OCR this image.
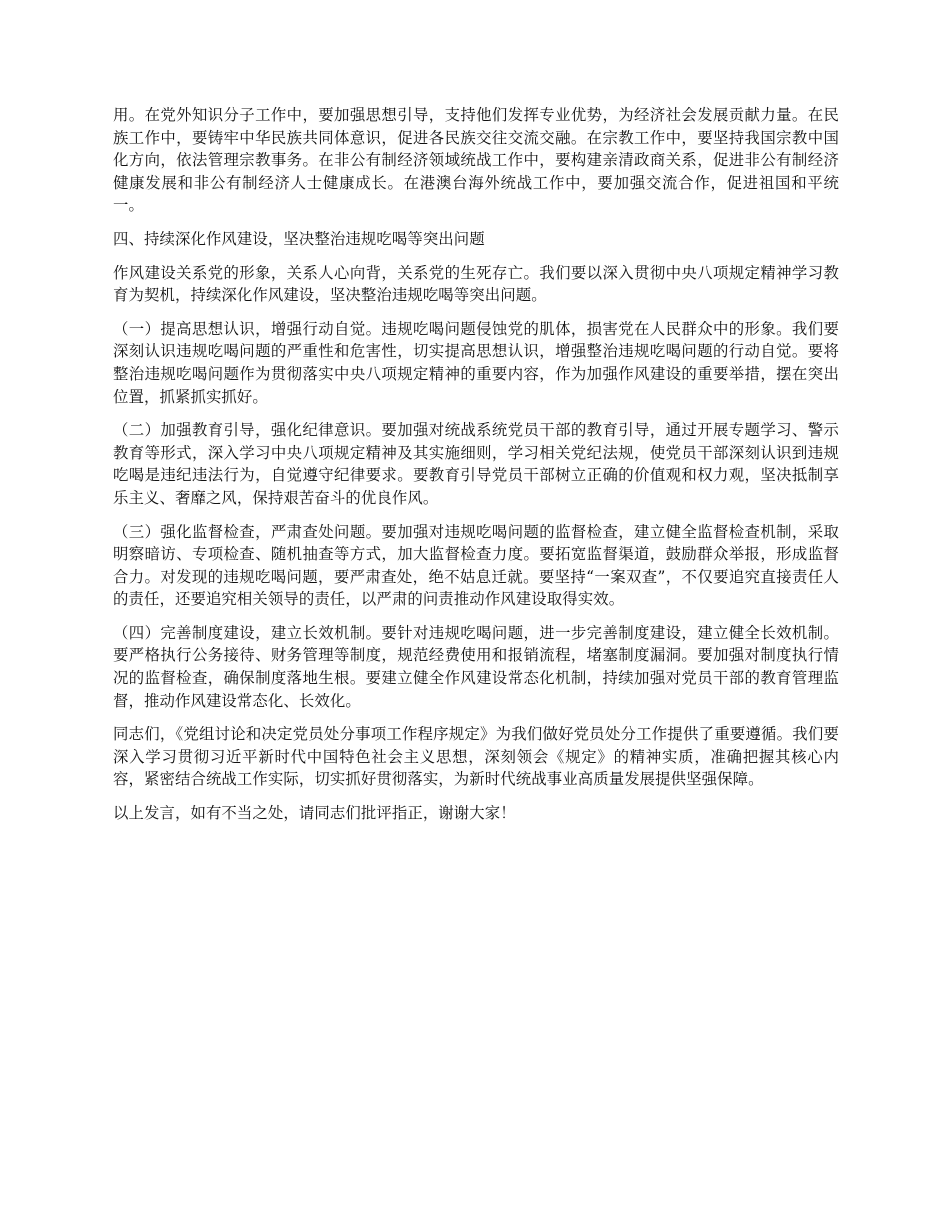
用。在党外知识分子工作中，要加强思想引导，支持他们发挥专业优势，为经济社会发展贡献力量。在民族工作中，要铸牢中华民族共同体意识，促进各民族交往交流交融。在宗教工作中，要坚持我国宗教中国化方向，依法管理宗教事务。在非公有制经济领域统战工作中，要构建亲清政商关系，促进非公有制经济健康发展和非公有制经济人士健康成长。在港澳台海外统战工作中，要加强交流合作，促进祖国和平统一。

四、持续深化作风建设，坚决整治违规吃喝等突出问题

作风建设关系党的形象，关系人心向背，关系党的生死存亡。我们要以深入贯彻中央八项规定精神学习教育为契机，持续深化作风建设，坚决整治违规吃喝等突出问题。

（一）提高思想认识，增强行动自觉。违规吃喝问题侵蚀党的肌体，损害党在人民群众中的形象。我们要深刻认识违规吃喝问题的严重性和危害性，切实提高思想认识，增强整治违规吃喝问题的行动自觉。要将整治违规吃喝问题作为贯彻落实中央八项规定精神的重要内容，作为加强作风建设的重要举措，摆在突出位置，抓紧抓实抓好。

（二）加强教育引导，强化纪律意识。要加强对统战系统党员干部的教育引导，通过开展专题学习、警示教育等形式，深入学习中央八项规定精神及其实施细则，学习相关党纪法规，使党员干部深刻认识到违规吃喝是违纪违法行为，自觉遵守纪律要求。要教育引导党员干部树立正确的价值观和权力观，坚决抵制享乐主义、奢靡之风，保持艰苦奋斗的优良作风。

（三）强化监督检查，严肃查处问题。要加强对违规吃喝问题的监督检查，建立健全监督检查机制，采取明察暗访、专项检查、随机抽查等方式，加大监督检查力度。要拓宽监督渠道，鼓励群众举报，形成监督合力。对发现的违规吃喝问题，要严肃查处，绝不姑息迁就。要坚持“一案双查”，不仅要追究直接责任人的责任，还要追究相关领导的责任，以严肃的问责推动作风建设取得实效。

（四）完善制度建设，建立长效机制。要针对违规吃喝问题，进一步完善制度建设，建立健全长效机制。要严格执行公务接待、财务管理等制度，规范经费使用和报销流程，堵塞制度漏洞。要加强对制度执行情况的监督检查，确保制度落地生根。要建立健全作风建设常态化机制，持续加强对党员干部的教育管理监督，推动作风建设常态化、长效化。

同志们，《党组讨论和决定党员处分事项工作程序规定》为我们做好党员处分工作提供了重要遵循。我们要深入学习贯彻习近平新时代中国特色社会主义思想，深刻领会《规定》的精神实质，准确把握其核心内容，紧密结合统战工作实际，切实抓好贯彻落实，为新时代统战事业高质量发展提供坚强保障。

以上发言，如有不当之处，请同志们批评指正，谢谢大家！
